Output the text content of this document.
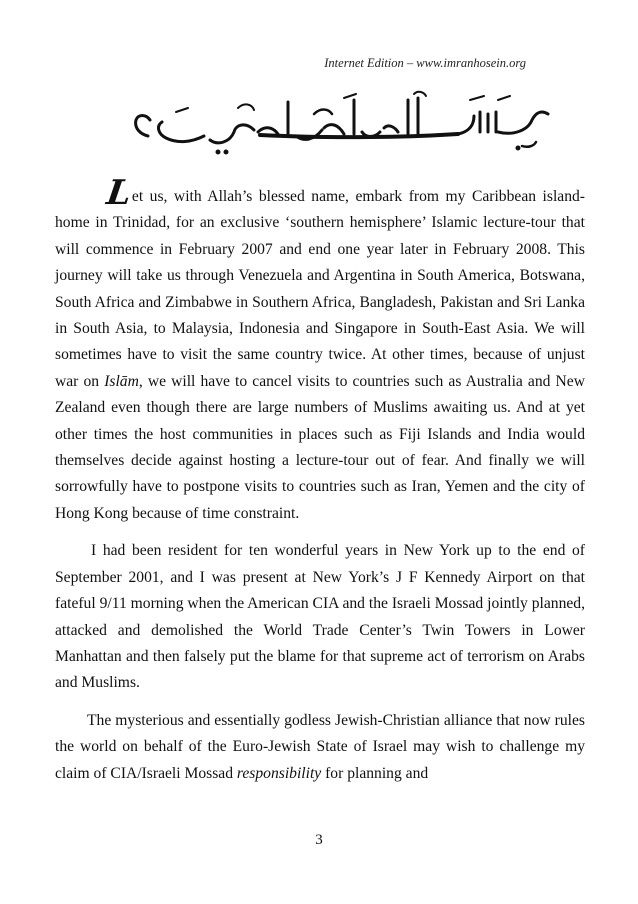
Internet Edition – www.imranhosein.org

Let us, with Allah’s blessed name, embark from my Caribbean island-home in Trinidad, for an exclusive ‘southern hemisphere’ Islamic lecture-tour that will commence in February 2007 and end one year later in February 2008. This journey will take us through Venezuela and Argentina in South America, Botswana, South Africa and Zimbabwe in Southern Africa, Bangladesh, Pakistan and Sri Lanka in South Asia, to Malaysia, Indonesia and Singapore in South-East Asia. We will sometimes have to visit the same country twice. At other times, because of unjust war on Islām, we will have to cancel visits to countries such as Australia and New Zealand even though there are large numbers of Muslims awaiting us. And at yet other times the host communities in places such as Fiji Islands and India would themselves decide against hosting a lecture-tour out of fear. And finally we will sorrowfully have to postpone visits to countries such as Iran, Yemen and the city of Hong Kong because of time constraint.

I had been resident for ten wonderful years in New York up to the end of September 2001, and I was present at New York’s J F Kennedy Airport on that fateful 9/11 morning when the American CIA and the Israeli Mossad jointly planned, attacked and demolished the World Trade Center’s Twin Towers in Lower Manhattan and then falsely put the blame for that supreme act of terrorism on Arabs and Muslims.

The mysterious and essentially godless Jewish-Christian alliance that now rules the world on behalf of the Euro-Jewish State of Israel may wish to challenge my claim of CIA/Israeli Mossad responsibility for planning and

3
